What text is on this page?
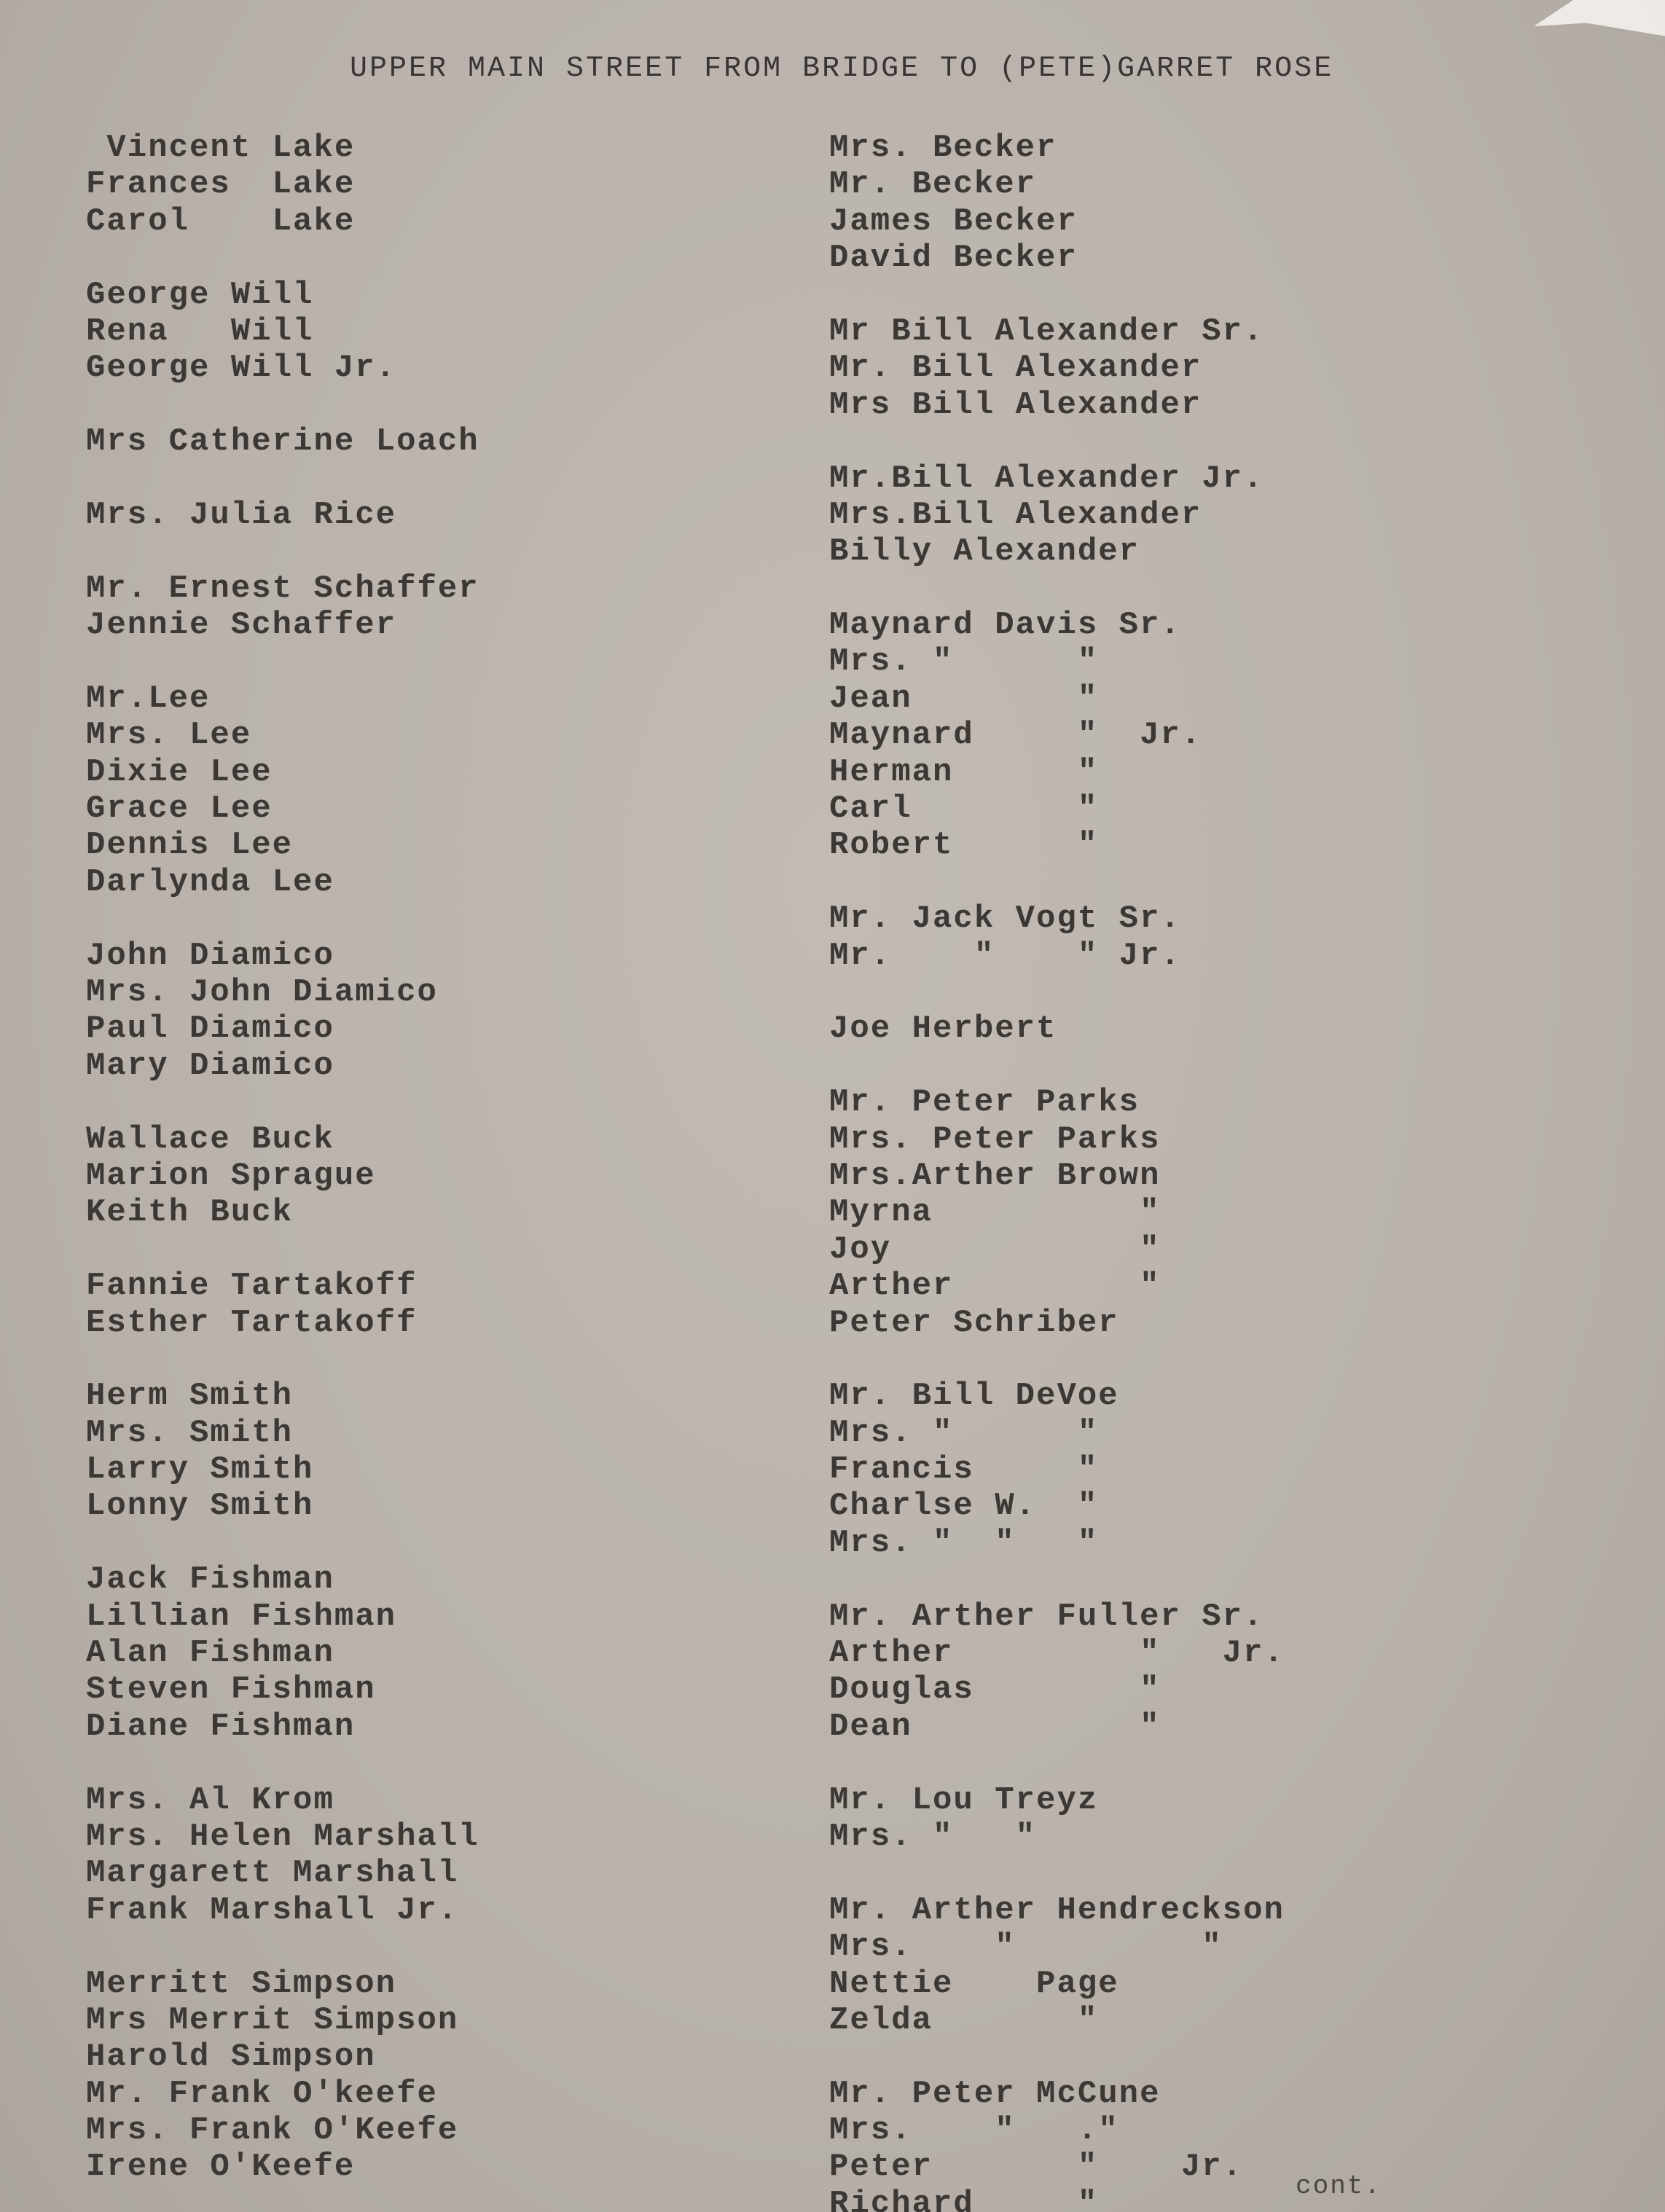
UPPER MAIN STREET FROM BRIDGE TO (PETE)GARRET ROSE
Vincent Lake
Frances  Lake
Carol    Lake
George Will
Rena   Will
George Will Jr.
Mrs Catherine Loach
Mrs. Julia Rice
Mr. Ernest Schaffer
Jennie Schaffer
Mr.Lee
Mrs. Lee
Dixie Lee
Grace Lee
Dennis Lee
Darlynda Lee
John Diamico
Mrs. John Diamico
Paul Diamico
Mary Diamico
Wallace Buck
Marion Sprague
Keith Buck
Fannie Tartakoff
Esther Tartakoff
Herm Smith
Mrs. Smith
Larry Smith
Lonny Smith
Jack Fishman
Lillian Fishman
Alan Fishman
Steven Fishman
Diane Fishman
Mrs. Al Krom
Mrs. Helen Marshall
Margarett Marshall
Frank Marshall Jr.
Merritt Simpson
Mrs Merrit Simpson
Harold Simpson
Mr. Frank O'keefe
Mrs. Frank O'Keefe
Irene O'Keefe
Mrs. Becker
Mr. Becker
James Becker
David Becker
Mr Bill Alexander Sr.
Mr. Bill Alexander
Mrs Bill Alexander
Mr.Bill Alexander Jr.
Mrs.Bill Alexander
Billy Alexander
Maynard Davis Sr.
Mrs. "      "
Jean        "
Maynard     "  Jr.
Herman      "
Carl        "
Robert      "
Mr. Jack Vogt Sr.
Mr.    "    " Jr.
Joe Herbert
Mr. Peter Parks
Mrs. Peter Parks
Mrs.Arther Brown
Myrna          "
Joy            "
Arther         "
Peter Schriber
Mr. Bill DeVoe
Mrs. "      "
Francis     "
Charlse W.  "
Mrs. "  "   "
Mr. Arther Fuller Sr.
Arther         "   Jr.
Douglas        "
Dean           "
Mr. Lou Treyz
Mrs. "   "
Mr. Arther Hendreckson
Mrs.    "         "
Nettie    Page
Zelda       "
Mr. Peter McCune
Mrs.    "   ."
Peter       "    Jr.
Richard     "	cont.
